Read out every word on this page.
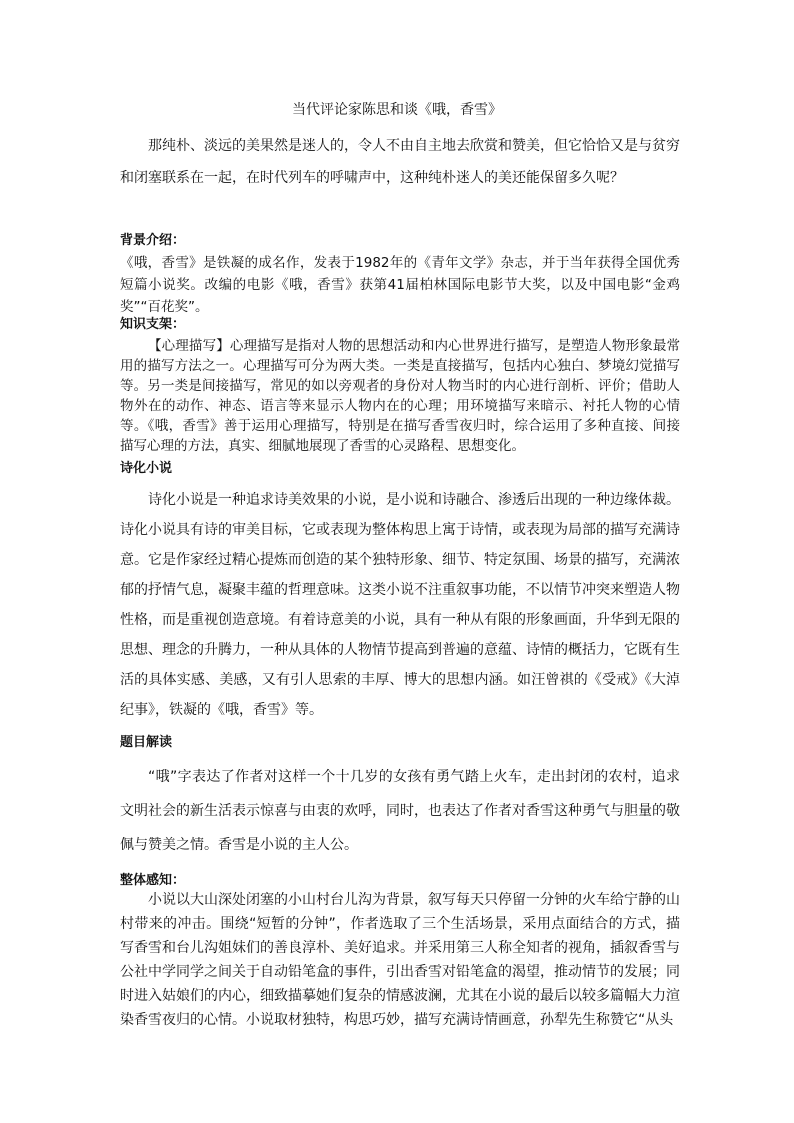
当代评论家陈思和谈《哦，香雪》

那纯朴、淡远的美果然是迷人的，令人不由自主地去欣赏和赞美，但它恰恰又是与贫穷和闭塞联系在一起，在时代列车的呼啸声中，这种纯朴迷人的美还能保留多久呢？

背景介绍：

《哦，香雪》是铁凝的成名作，发表于1982年的《青年文学》杂志，并于当年获得全国优秀短篇小说奖。改编的电影《哦，香雪》获第41届柏林国际电影节大奖，以及中国电影“金鸡奖”“百花奖”。

知识支架：

【心理描写】心理描写是指对人物的思想活动和内心世界进行描写，是塑造人物形象最常用的描写方法之一。心理描写可分为两大类。一类是直接描写，包括内心独白、梦境幻觉描写等。另一类是间接描写，常见的如以旁观者的身份对人物当时的内心进行剖析、评价；借助人物外在的动作、神态、语言等来显示人物内在的心理；用环境描写来暗示、衬托人物的心情等。《哦，香雪》善于运用心理描写，特别是在描写香雪夜归时，综合运用了多种直接、间接描写心理的方法，真实、细腻地展现了香雪的心灵路程、思想变化。

诗化小说

诗化小说是一种追求诗美效果的小说，是小说和诗融合、渗透后出现的一种边缘体裁。诗化小说具有诗的审美目标，它或表现为整体构思上寓于诗情，或表现为局部的描写充满诗意。它是作家经过精心提炼而创造的某个独特形象、细节、特定氛围、场景的描写，充满浓郁的抒情气息，凝聚丰蕴的哲理意味。这类小说不注重叙事功能，不以情节冲突来塑造人物性格，而是重视创造意境。有着诗意美的小说，具有一种从有限的形象画面，升华到无限的思想、理念的升腾力，一种从具体的人物情节提高到普遍的意蕴、诗情的概括力，它既有生活的具体实感、美感，又有引人思索的丰厚、博大的思想内涵。如汪曾祺的《受戒》《大淖纪事》，铁凝的《哦，香雪》等。

题目解读

“哦”字表达了作者对这样一个十几岁的女孩有勇气踏上火车，走出封闭的农村，追求文明社会的新生活表示惊喜与由衷的欢呼，同时，也表达了作者对香雪这种勇气与胆量的敬佩与赞美之情。香雪是小说的主人公。

整体感知：

小说以大山深处闭塞的小山村台儿沟为背景，叙写每天只停留一分钟的火车给宁静的山村带来的冲击。围绕“短暂的分钟”，作者选取了三个生活场景，采用点面结合的方式，描写香雪和台儿沟姐妹们的善良淳朴、美好追求。并采用第三人称全知者的视角，插叙香雪与公社中学同学之间关于自动铅笔盒的事件，引出香雪对铅笔盒的渴望，推动情节的发展；同时进入姑娘们的内心，细致描摹她们复杂的情感波澜，尤其在小说的最后以较多篇幅大力渲染香雪夜归的心情。小说取材独特，构思巧妙，描写充满诗情画意，孙犁先生称赞它“从头
